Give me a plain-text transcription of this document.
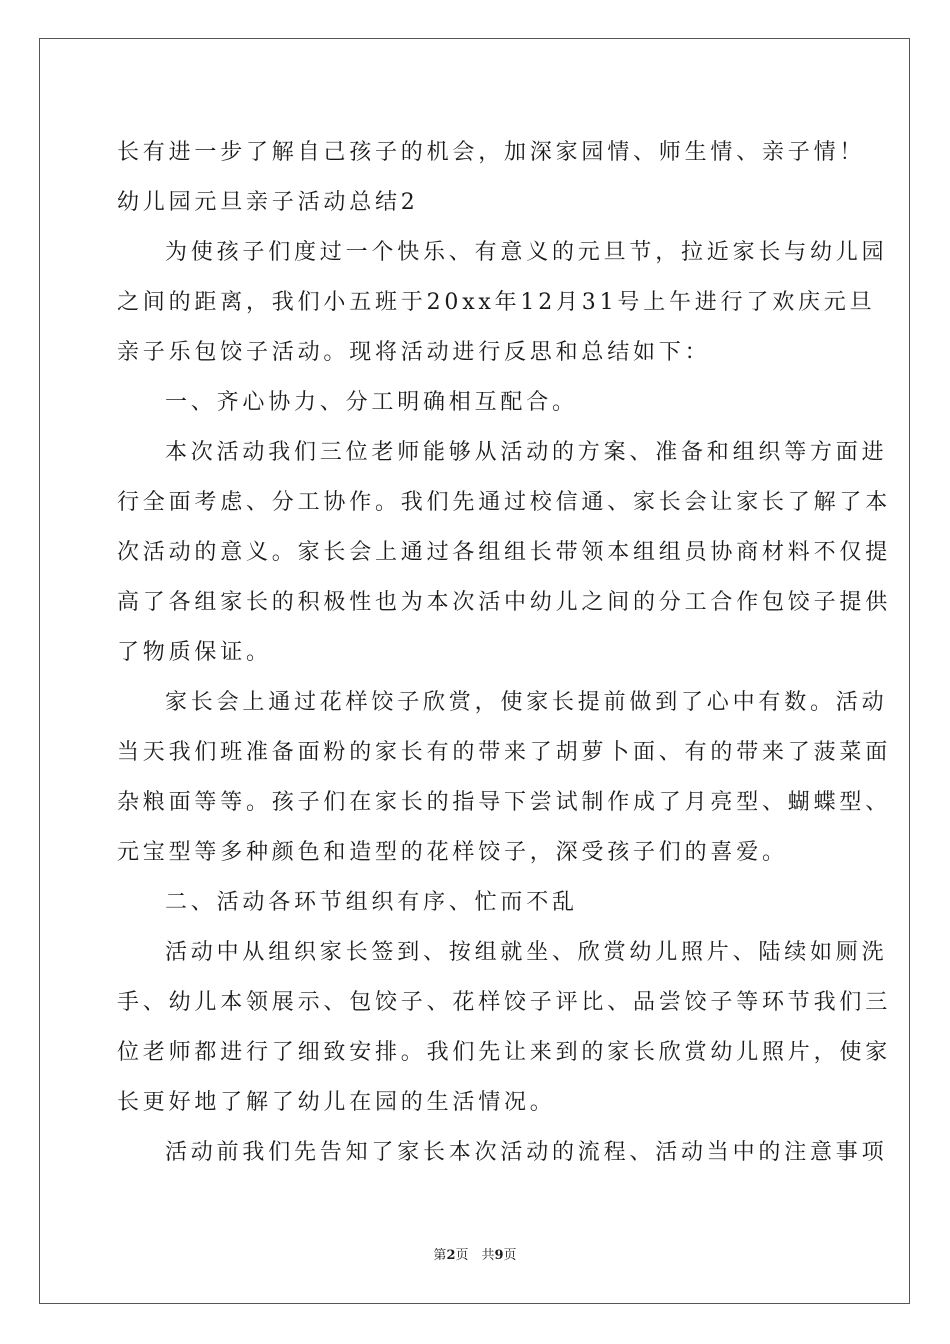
长有进一步了解自己孩子的机会，加深家园情、师生情、亲子情！
幼儿园元旦亲子活动总结2
为使孩子们度过一个快乐、有意义的元旦节，拉近家长与幼儿园
之间的距离，我们小五班于20xx年12月31号上午进行了欢庆元旦
亲子乐包饺子活动。现将活动进行反思和总结如下：
一、齐心协力、分工明确相互配合。
本次活动我们三位老师能够从活动的方案、准备和组织等方面进
行全面考虑、分工协作。我们先通过校信通、家长会让家长了解了本
次活动的意义。家长会上通过各组组长带领本组组员协商材料不仅提
高了各组家长的积极性也为本次活中幼儿之间的分工合作包饺子提供
了物质保证。
家长会上通过花样饺子欣赏，使家长提前做到了心中有数。活动
当天我们班准备面粉的家长有的带来了胡萝卜面、有的带来了菠菜面
杂粮面等等。孩子们在家长的指导下尝试制作成了月亮型、蝴蝶型、
元宝型等多种颜色和造型的花样饺子，深受孩子们的喜爱。
二、活动各环节组织有序、忙而不乱
活动中从组织家长签到、按组就坐、欣赏幼儿照片、陆续如厕洗
手、幼儿本领展示、包饺子、花样饺子评比、品尝饺子等环节我们三
位老师都进行了细致安排。我们先让来到的家长欣赏幼儿照片，使家
长更好地了解了幼儿在园的生活情况。
活动前我们先告知了家长本次活动的流程、活动当中的注意事项
第2页　共9页
